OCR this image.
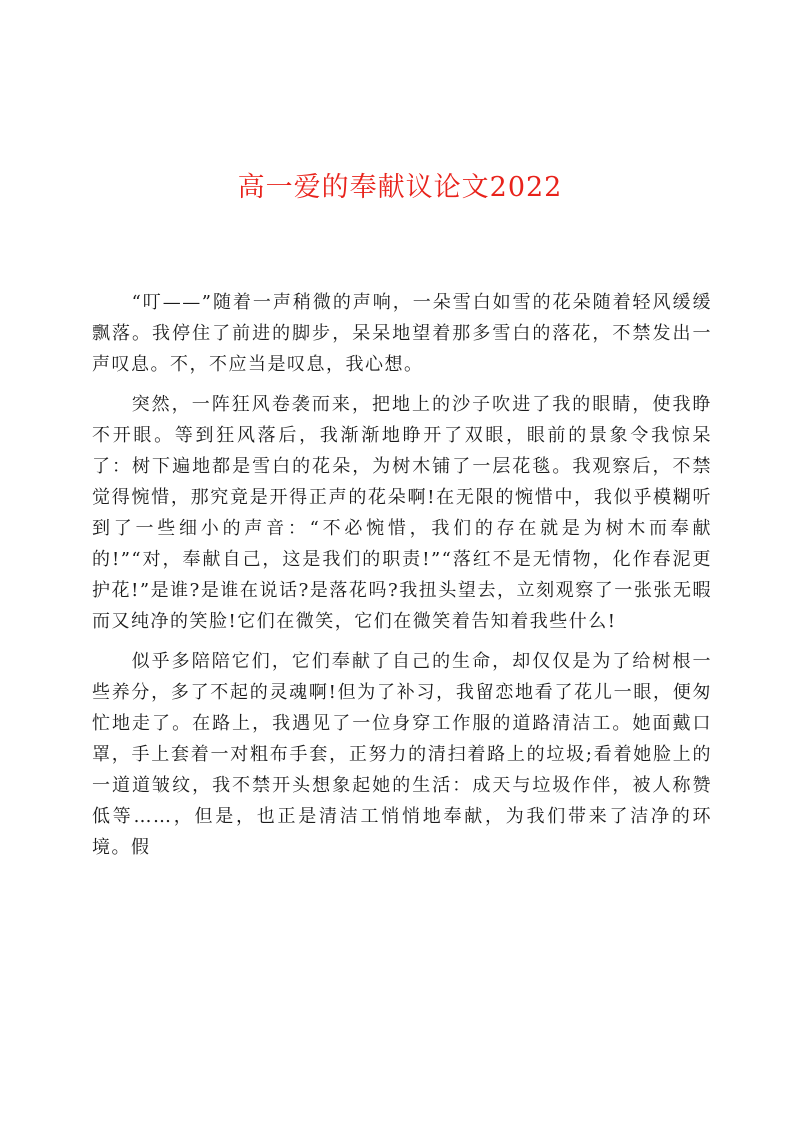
高一爱的奉献议论文2022

“叮——”随着一声稍微的声响，一朵雪白如雪的花朵随着轻风缓缓飘落。我停住了前进的脚步，呆呆地望着那多雪白的落花，不禁发出一声叹息。不，不应当是叹息，我心想。

突然，一阵狂风卷袭而来，把地上的沙子吹进了我的眼睛，使我睁不开眼。等到狂风落后，我渐渐地睁开了双眼，眼前的景象令我惊呆了：树下遍地都是雪白的花朵，为树木铺了一层花毯。我观察后，不禁觉得惋惜，那究竟是开得正声的花朵啊!在无限的惋惜中，我似乎模糊听到了一些细小的声音：“不必惋惜，我们的存在就是为树木而奉献的!”“对，奉献自己，这是我们的职责!”“落红不是无情物，化作春泥更护花!”是谁?是谁在说话?是落花吗?我扭头望去，立刻观察了一张张无暇而又纯净的笑脸!它们在微笑，它们在微笑着告知着我些什么!

似乎多陪陪它们，它们奉献了自己的生命，却仅仅是为了给树根一些养分，多了不起的灵魂啊!但为了补习，我留恋地看了花儿一眼，便匆忙地走了。在路上，我遇见了一位身穿工作服的道路清洁工。她面戴口罩，手上套着一对粗布手套，正努力的清扫着路上的垃圾;看着她脸上的一道道皱纹，我不禁开头想象起她的生活：成天与垃圾作伴，被人称赞低等……，但是，也正是清洁工悄悄地奉献，为我们带来了洁净的环境。假
